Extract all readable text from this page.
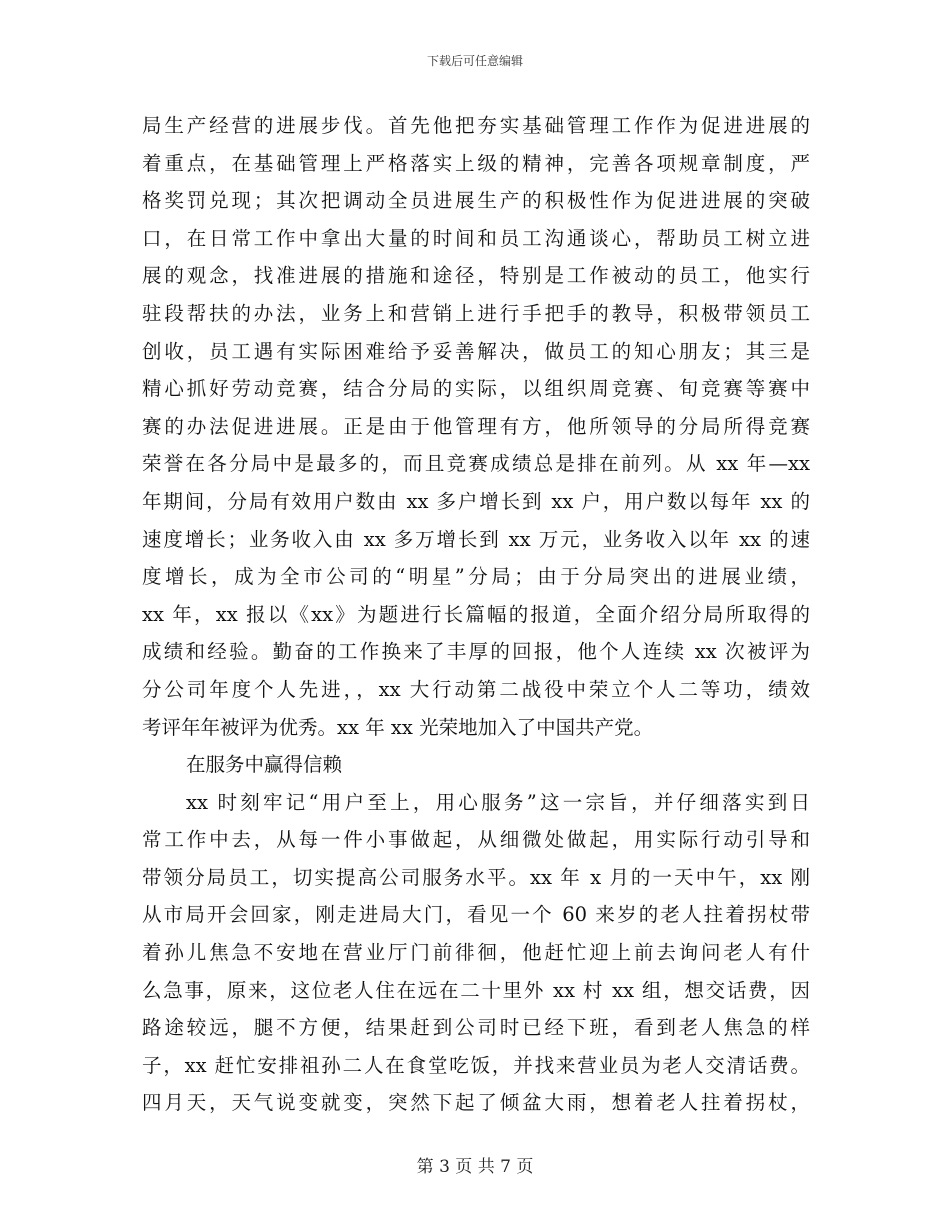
下载后可任意编辑
局生产经营的进展步伐。首先他把夯实基础管理工作作为促进进展的
着重点，在基础管理上严格落实上级的精神，完善各项规章制度，严
格奖罚兑现；其次把调动全员进展生产的积极性作为促进进展的突破
口，在日常工作中拿出大量的时间和员工沟通谈心，帮助员工树立进
展的观念，找准进展的措施和途径，特别是工作被动的员工，他实行
驻段帮扶的办法，业务上和营销上进行手把手的教导，积极带领员工
创收，员工遇有实际困难给予妥善解决，做员工的知心朋友；其三是
精心抓好劳动竞赛，结合分局的实际，以组织周竞赛、旬竞赛等赛中
赛的办法促进进展。正是由于他管理有方，他所领导的分局所得竞赛
荣誉在各分局中是最多的，而且竞赛成绩总是排在前列。从 xx 年—xx
年期间，分局有效用户数由 xx 多户增长到 xx 户，用户数以每年 xx 的
速度增长；业务收入由 xx 多万增长到 xx 万元，业务收入以年 xx 的速
度增长，成为全市公司的“明星”分局；由于分局突出的进展业绩，
xx 年，xx 报以《xx》为题进行长篇幅的报道，全面介绍分局所取得的
成绩和经验。勤奋的工作换来了丰厚的回报，他个人连续 xx 次被评为
分公司年度个人先进，，xx 大行动第二战役中荣立个人二等功，绩效
考评年年被评为优秀。xx 年 xx 光荣地加入了中国共产党。
在服务中赢得信赖
xx 时刻牢记“用户至上，用心服务”这一宗旨，并仔细落实到日
常工作中去，从每一件小事做起，从细微处做起，用实际行动引导和
带领分局员工，切实提高公司服务水平。xx 年 x 月的一天中午，xx 刚
从市局开会回家，刚走进局大门，看见一个 60 来岁的老人拄着拐杖带
着孙儿焦急不安地在营业厅门前徘徊，他赶忙迎上前去询问老人有什
么急事，原来，这位老人住在远在二十里外 xx 村 xx 组，想交话费，因
路途较远，腿不方便，结果赶到公司时已经下班，看到老人焦急的样
子，xx 赶忙安排祖孙二人在食堂吃饭，并找来营业员为老人交清话费。
四月天，天气说变就变，突然下起了倾盆大雨，想着老人拄着拐杖，
第 3 页 共 7 页
